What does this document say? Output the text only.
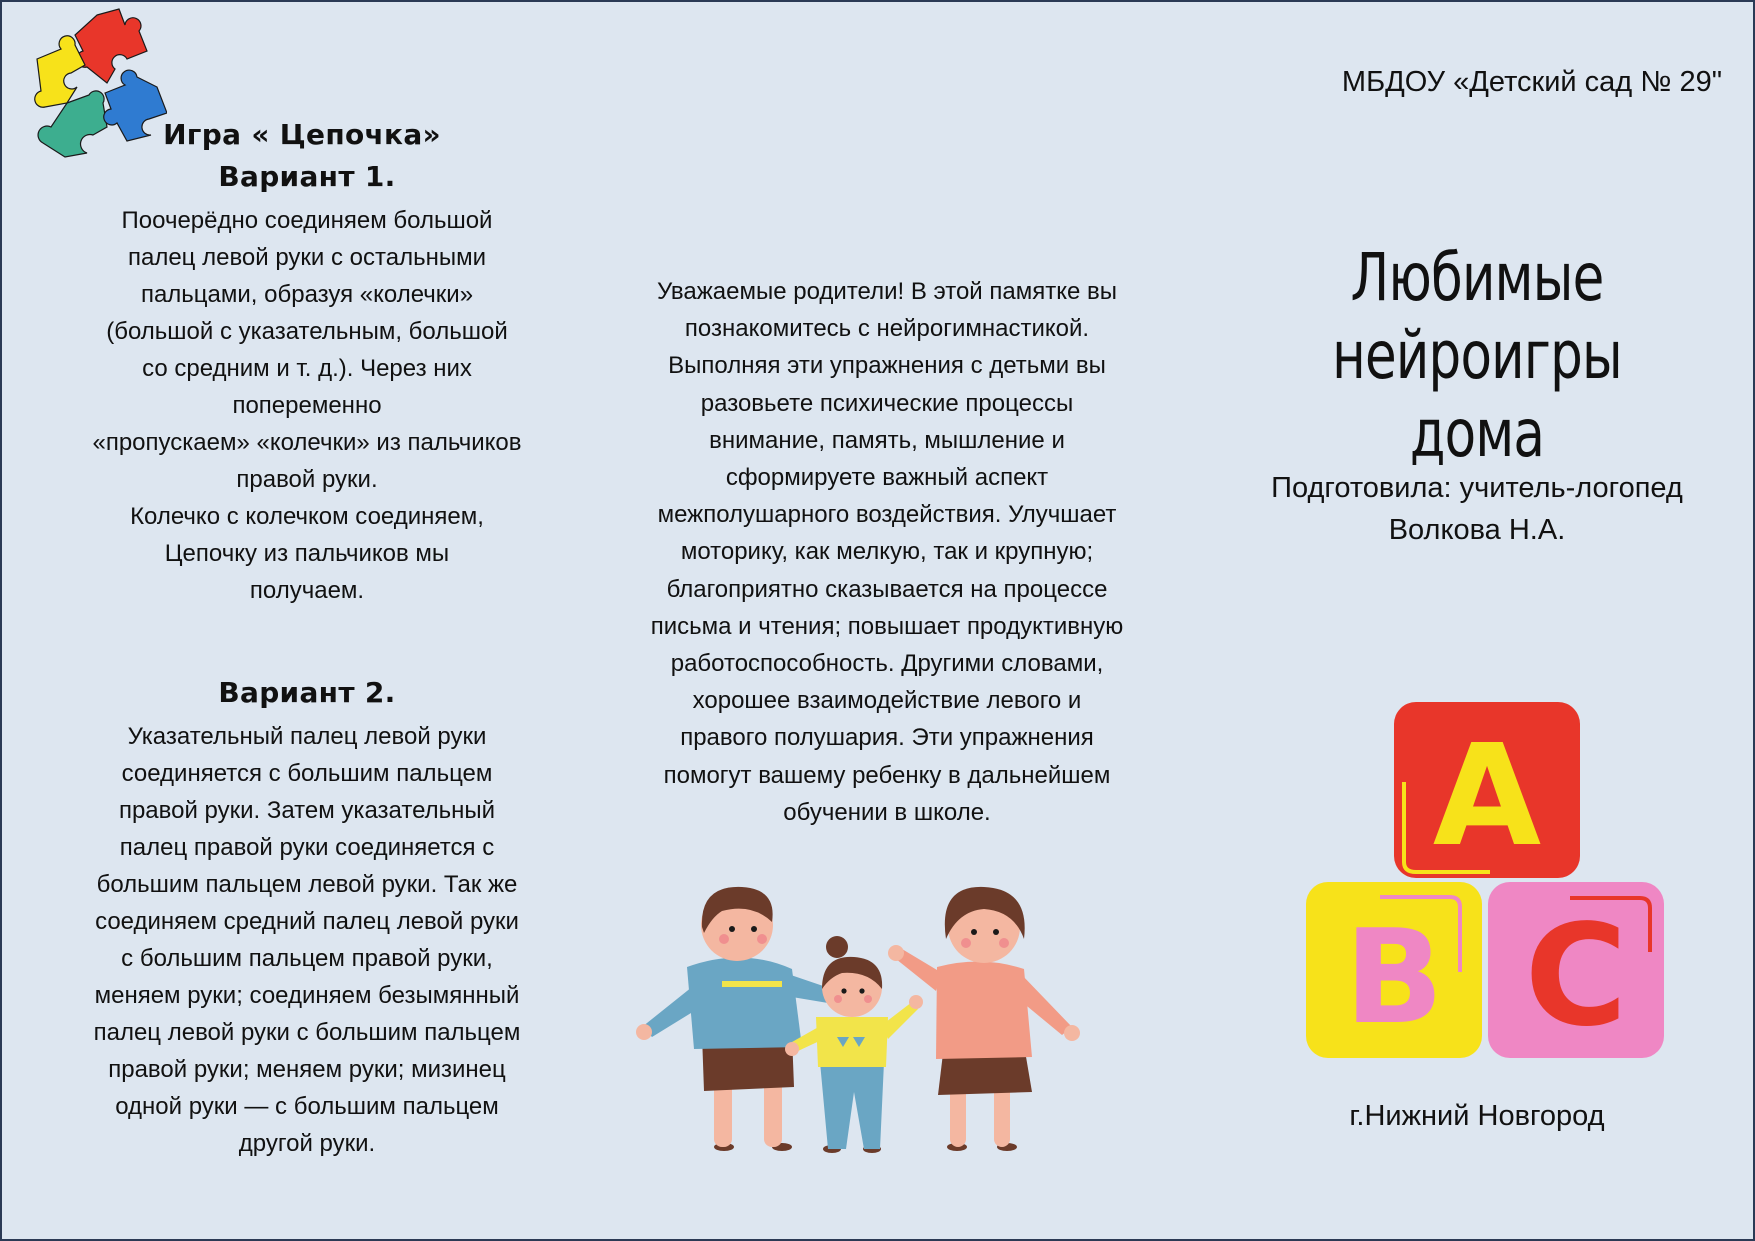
Игра « Цепочка»
Вариант 1.
Поочерёдно соединяем большой
палец левой руки с остальными
пальцами, образуя «колечки»
(большой с указательным, большой
со средним и т. д.). Через них
попеременно
«пропускаем» «колечки» из пальчиков
правой руки.
Колечко с колечком соединяем,
Цепочку из пальчиков мы
получаем.
Вариант 2.
Указательный палец левой руки
соединяется с большим пальцем
правой руки. Затем указательный
палец правой руки соединяется с
большим пальцем левой руки. Так же
соединяем средний палец левой руки
с большим пальцем правой руки,
меняем руки; соединяем безымянный
палец левой руки с большим пальцем
правой руки; меняем руки; мизинец
одной руки — с большим пальцем
другой руки.
Уважаемые родители! В этой памятке вы
познакомитесь с нейрогимнастикой.
Выполняя эти упражнения с детьми вы
разовьете психические процессы
внимание, память, мышление и
сформируете важный аспект
межполушарного воздействия. Улучшает
моторику, как мелкую, так и крупную;
благоприятно сказывается на процессе
письма и чтения; повышает продуктивную
работоспособность. Другими словами,
хорошее взаимодействие левого и
правого полушария. Эти упражнения
помогут вашему ребенку в дальнейшем
обучении в школе.
МБДОУ «Детский сад № 29"
Любимые
нейроигры дома
Подготовила: учитель-логопед
Волкова Н.А.
A
B C
г.Нижний Новгород
